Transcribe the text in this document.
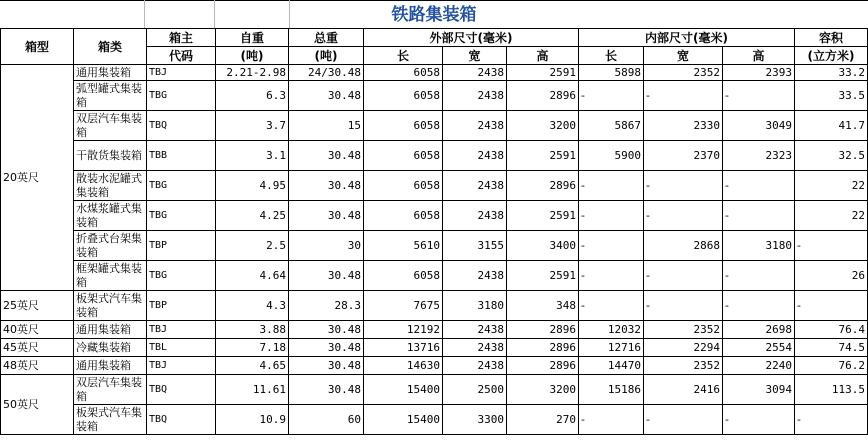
铁路集装箱
箱型	箱类	箱主	自重	总重	外部尺寸(毫米)			内部尺寸(毫米)			容积
		代码	(吨)	(吨)	长	宽	高	长	宽	高	(立方米)
20英尺	通用集装箱	TBJ	2.21-2.98	24/30.48	6058	2438	2591	5898	2352	2393	33.2
	弧型罐式集装箱	TBG	6.3	30.48	6058	2438	2896	-	-	-	33.5
	双层汽车集装箱	TBQ	3.7	15	6058	2438	3200	5867	2330	3049	41.7
	干散货集装箱	TBB	3.1	30.48	6058	2438	2591	5900	2370	2323	32.5
	散装水泥罐式集装箱	TBG	4.95	30.48	6058	2438	2896	-	-	-	22
	水煤浆罐式集装箱	TBG	4.25	30.48	6058	2438	2591	-	-	-	22
	折叠式台架集装箱	TBP	2.5	30	5610	3155	3400	-	2868	3180	-
	框架罐式集装箱	TBG	4.64	30.48	6058	2438	2591	-	-	-	26
25英尺	板架式汽车集装箱	TBP	4.3	28.3	7675	3180	348	-	-	-	-
40英尺	通用集装箱	TBJ	3.88	30.48	12192	2438	2896	12032	2352	2698	76.4
45英尺	冷藏集装箱	TBL	7.18	30.48	13716	2438	2896	12716	2294	2554	74.5
48英尺	通用集装箱	TBJ	4.65	30.48	14630	2438	2896	14470	2352	2240	76.2
50英尺	双层汽车集装箱	TBQ	11.61	30.48	15400	2500	3200	15186	2416	3094	113.5
	板架式汽车集装箱	TBQ	10.9	60	15400	3300	270	-	-	-	-
